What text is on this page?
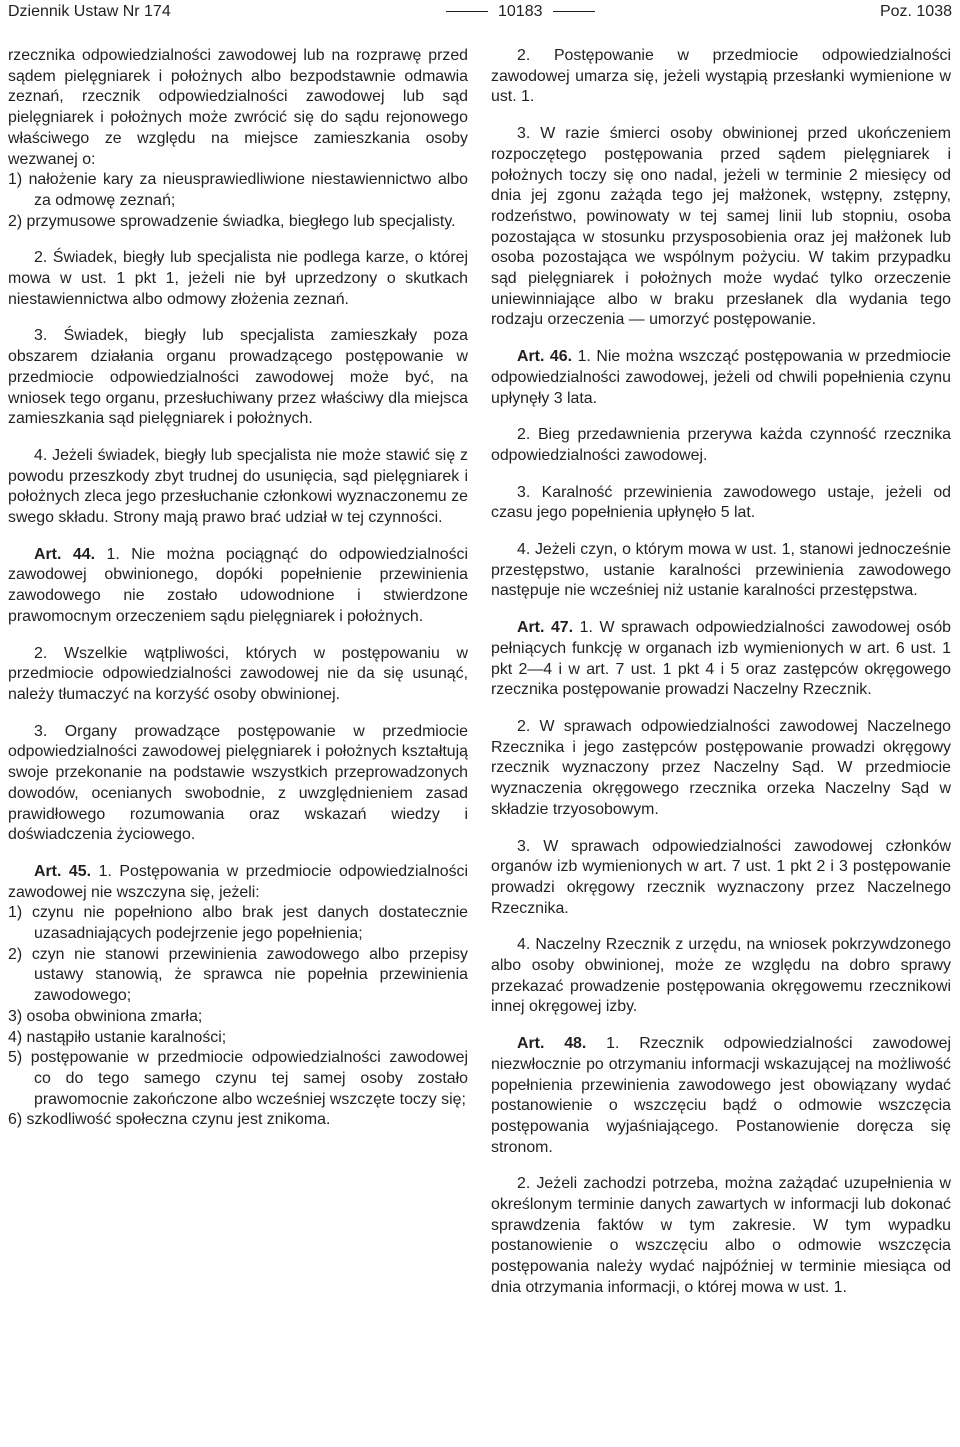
Dziennik Ustaw Nr 174	10183	Poz. 1038

rzecznika odpowiedzialności zawodowej lub na rozprawę przed sądem pielęgniarek i położnych albo bezpodstawnie odmawia zeznań, rzecznik odpowiedzialności zawodowej lub sąd pielęgniarek i położnych może zwrócić się do sądu rejonowego właściwego ze względu na miejsce zamieszkania osoby wezwanej o:

1) nałożenie kary za nieusprawiedliwione niestawiennictwo albo za odmowę zeznań;

2) przymusowe sprowadzenie świadka, biegłego lub specjalisty.

2. Świadek, biegły lub specjalista nie podlega karze, o której mowa w ust. 1 pkt 1, jeżeli nie był uprzedzony o skutkach niestawiennictwa albo odmowy złożenia zeznań.

3. Świadek, biegły lub specjalista zamieszkały poza obszarem działania organu prowadzącego postępowanie w przedmiocie odpowiedzialności zawodowej może być, na wniosek tego organu, przesłuchiwany przez właściwy dla miejsca zamieszkania sąd pielęgniarek i położnych.

4. Jeżeli świadek, biegły lub specjalista nie może stawić się z powodu przeszkody zbyt trudnej do usunięcia, sąd pielęgniarek i położnych zleca jego przesłuchanie członkowi wyznaczonemu ze swego składu. Strony mają prawo brać udział w tej czynności.

Art. 44. 1. Nie można pociągnąć do odpowiedzialności zawodowej obwinionego, dopóki popełnienie przewinienia zawodowego nie zostało udowodnione i stwierdzone prawomocnym orzeczeniem sądu pielęgniarek i położnych.

2. Wszelkie wątpliwości, których w postępowaniu w przedmiocie odpowiedzialności zawodowej nie da się usunąć, należy tłumaczyć na korzyść osoby obwinionej.

3. Organy prowadzące postępowanie w przedmiocie odpowiedzialności zawodowej pielęgniarek i położnych kształtują swoje przekonanie na podstawie wszystkich przeprowadzonych dowodów, ocenianych swobodnie, z uwzględnieniem zasad prawidłowego rozumowania oraz wskazań wiedzy i doświadczenia życiowego.

Art. 45. 1. Postępowania w przedmiocie odpowiedzialności zawodowej nie wszczyna się, jeżeli:

1) czynu nie popełniono albo brak jest danych dostatecznie uzasadniających podejrzenie jego popełnienia;

2) czyn nie stanowi przewinienia zawodowego albo przepisy ustawy stanowią, że sprawca nie popełnia przewinienia zawodowego;

3) osoba obwiniona zmarła;

4) nastąpiło ustanie karalności;

5) postępowanie w przedmiocie odpowiedzialności zawodowej co do tego samego czynu tej samej osoby zostało prawomocnie zakończone albo wcześniej wszczęte toczy się;

6) szkodliwość społeczna czynu jest znikoma.

2. Postępowanie w przedmiocie odpowiedzialności zawodowej umarza się, jeżeli wystąpią przesłanki wymienione w ust. 1.

3. W razie śmierci osoby obwinionej przed ukończeniem rozpoczętego postępowania przed sądem pielęgniarek i położnych toczy się ono nadal, jeżeli w terminie 2 miesięcy od dnia jej zgonu zażąda tego jej małżonek, wstępny, zstępny, rodzeństwo, powinowaty w tej samej linii lub stopniu, osoba pozostająca w stosunku przysposobienia oraz jej małżonek lub osoba pozostająca we wspólnym pożyciu. W takim przypadku sąd pielęgniarek i położnych może wydać tylko orzeczenie uniewinniające albo w braku przesłanek dla wydania tego rodzaju orzeczenia — umorzyć postępowanie.

Art. 46. 1. Nie można wszcząć postępowania w przedmiocie odpowiedzialności zawodowej, jeżeli od chwili popełnienia czynu upłynęły 3 lata.

2. Bieg przedawnienia przerywa każda czynność rzecznika odpowiedzialności zawodowej.

3. Karalność przewinienia zawodowego ustaje, jeżeli od czasu jego popełnienia upłynęło 5 lat.

4. Jeżeli czyn, o którym mowa w ust. 1, stanowi jednocześnie przestępstwo, ustanie karalności przewinienia zawodowego następuje nie wcześniej niż ustanie karalności przestępstwa.

Art. 47. 1. W sprawach odpowiedzialności zawodowej osób pełniących funkcję w organach izb wymienionych w art. 6 ust. 1 pkt 2—4 i w art. 7 ust. 1 pkt 4 i 5 oraz zastępców okręgowego rzecznika postępowanie prowadzi Naczelny Rzecznik.

2. W sprawach odpowiedzialności zawodowej Naczelnego Rzecznika i jego zastępców postępowanie prowadzi okręgowy rzecznik wyznaczony przez Naczelny Sąd. W przedmiocie wyznaczenia okręgowego rzecznika orzeka Naczelny Sąd w składzie trzyosobowym.

3. W sprawach odpowiedzialności zawodowej członków organów izb wymienionych w art. 7 ust. 1 pkt 2 i 3 postępowanie prowadzi okręgowy rzecznik wyznaczony przez Naczelnego Rzecznika.

4. Naczelny Rzecznik z urzędu, na wniosek pokrzywdzonego albo osoby obwinionej, może ze względu na dobro sprawy przekazać prowadzenie postępowania okręgowemu rzecznikowi innej okręgowej izby.

Art. 48. 1. Rzecznik odpowiedzialności zawodowej niezwłocznie po otrzymaniu informacji wskazującej na możliwość popełnienia przewinienia zawodowego jest obowiązany wydać postanowienie o wszczęciu bądź o odmowie wszczęcia postępowania wyjaśniającego. Postanowienie doręcza się stronom.

2. Jeżeli zachodzi potrzeba, można zażądać uzupełnienia w określonym terminie danych zawartych w informacji lub dokonać sprawdzenia faktów w tym zakresie. W tym wypadku postanowienie o wszczęciu albo o odmowie wszczęcia postępowania należy wydać najpóźniej w terminie miesiąca od dnia otrzymania informacji, o której mowa w ust. 1.
